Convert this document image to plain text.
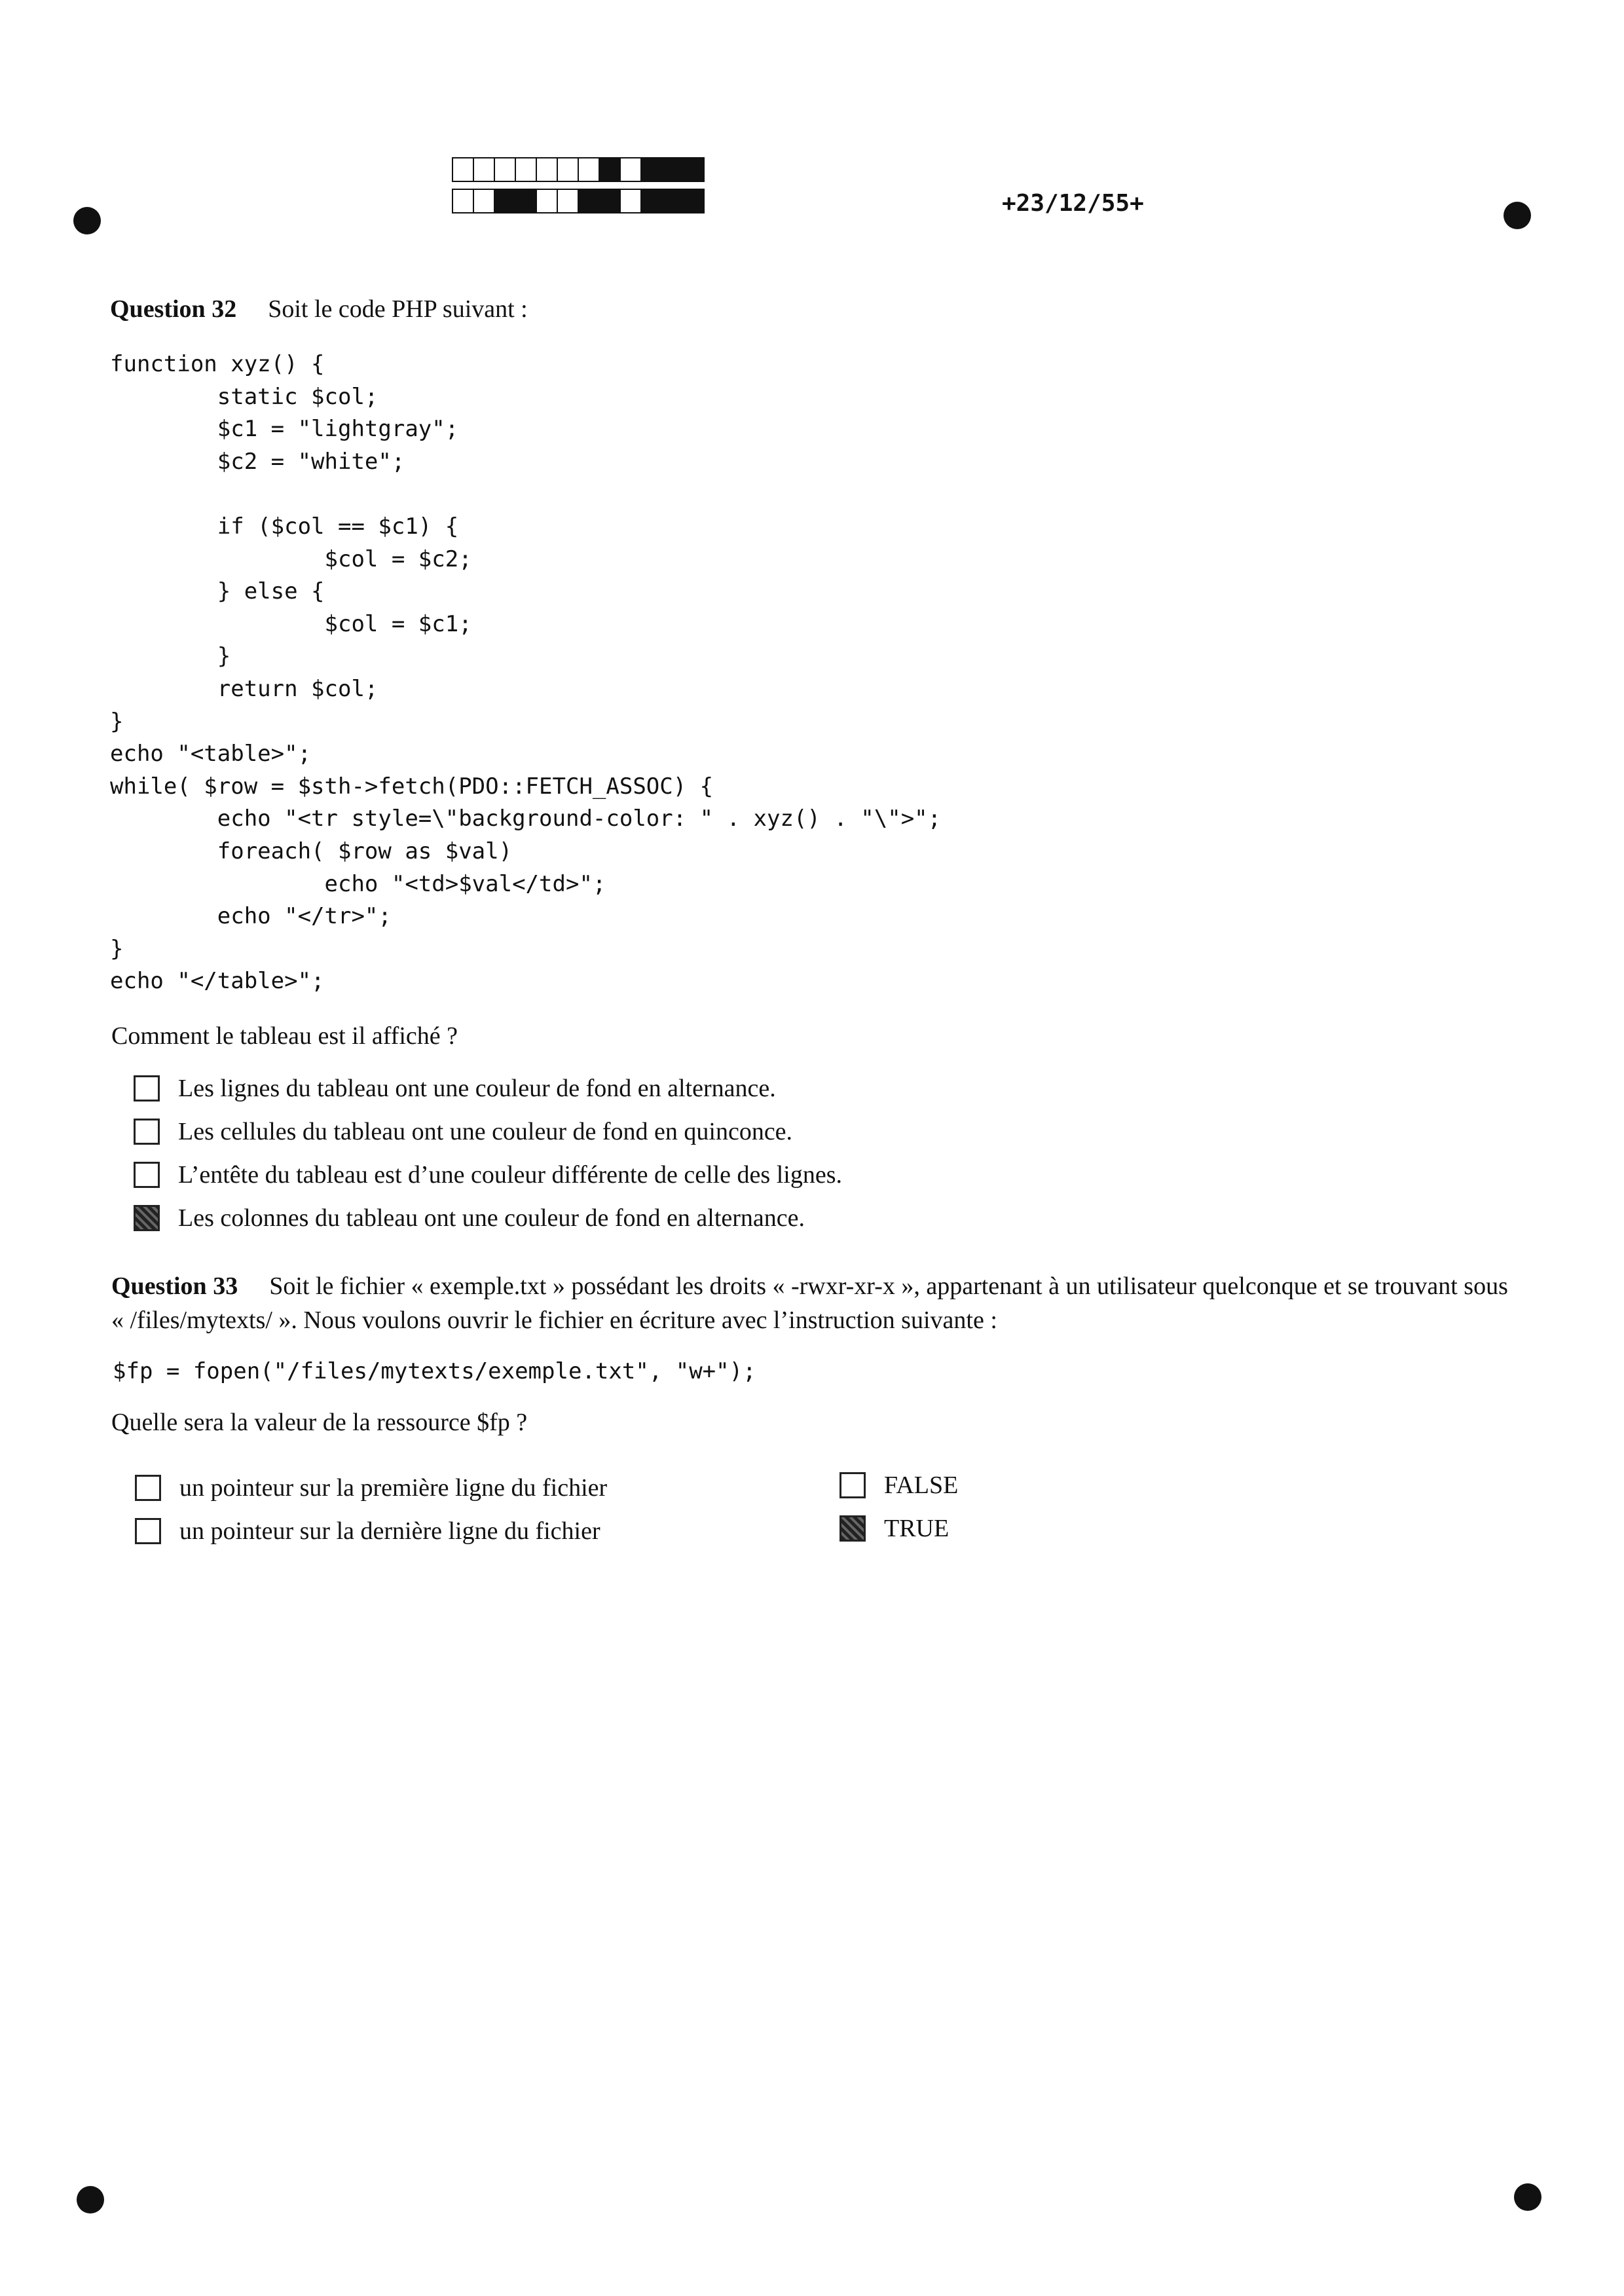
+23/12/55+
Question 32 Soit le code PHP suivant :
function xyz() {
static $col;
$c1 = "lightgray";
$c2 = "white";

if ($col == $c1) {
$col = $c2;
} else {
$col = $c1;
}
return $col;
}
echo "<table>";
while( $row = $sth->fetch(PDO::FETCH_ASSOC) {
echo "<tr style=\"background-color: " . xyz() . "\">";
foreach( $row as $val)
echo "<td>$val</td>";
echo "</tr>";
}
echo "</table>";
Comment le tableau est il affiché ?
Les lignes du tableau ont une couleur de fond en alternance.
Les cellules du tableau ont une couleur de fond en quinconce.
L’entête du tableau est d’une couleur différente de celle des lignes.
Les colonnes du tableau ont une couleur de fond en alternance.
Question 33 Soit le fichier « exemple.txt » possédant les droits « -rwxr-xr-x », appartenant à un utilisateur quelconque et se trouvant sous « /files/mytexts/ ». Nous voulons ouvrir le fichier en écriture avec l’instruction suivante :
$fp = fopen("/files/mytexts/exemple.txt", "w+");
Quelle sera la valeur de la ressource $fp ?
un pointeur sur la première ligne du fichier
un pointeur sur la dernière ligne du fichier
FALSE
TRUE
